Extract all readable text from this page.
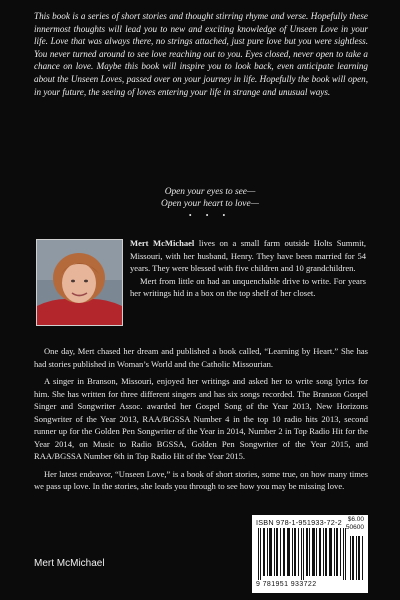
This book is a series of short stories and thought stirring rhyme and verse. Hopefully these innermost thoughts will lead you to new and exciting knowledge of Unseen Love in your life. Love that was always there, no strings attached, just pure love but you were sightless. You never turned around to see love reaching out to you. Eyes closed, never open to take a chance on love. Maybe this book will inspire you to look back, even anticipate learning about the Unseen Loves, passed over on your journey in life. Hopefully the book will open, in your future, the seeing of loves entering your life in strange and unusual ways.
Open your eyes to see—
Open your heart to love—
• • •

Mert McMichael lives on a small farm outside Holts Summit, Missouri, with her husband, Henry. They have been married for 54 years. They were blessed with five children and 10 grandchildren.

Mert from little on had an unquenchable drive to write. For years her writings hid in a box on the top shelf of her closet.

One day, Mert chased her dream and published a book called, “Learning by Heart.” She has had stories published in Woman’s World and the Catholic Missourian.

A singer in Branson, Missouri, enjoyed her writings and asked her to write song lyrics for him. She has written for three different singers and has six songs recorded. The Branson Gospel Singer and Songwriter Assoc. awarded her Gospel Song of the Year 2013, New Horizons Songwriter of the Year 2013, RAA/BGSSA Number 4 in the top 10 radio hits 2013, second runner up for the Golden Pen Songwriter of the Year in 2014, Number 2 in Top Radio Hit for the Year 2014, on Music to Radio BGSSA, Golden Pen Songwriter of the Year 2015, and RAA/BGSSA Number 6th in Top Radio Hit of the Year 2015.

Her latest endeavor, “Unseen Love,” is a book of short stories, some true, on how many times we pass up love. In the stories, she leads you through to see how you may be missing love.

Mert McMichael
ISBN 978-1-951933-72-2 $6.00
50600
9 781951 933722
